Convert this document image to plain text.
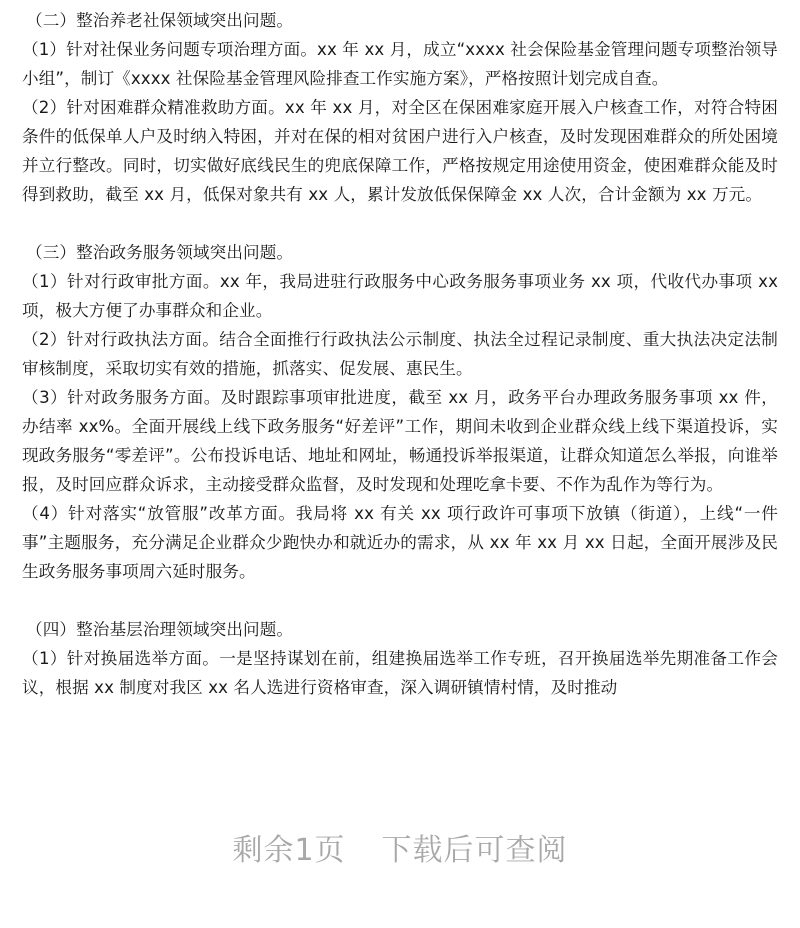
（二）整治养老社保领域突出问题。

（1）针对社保业务问题专项治理方面。xx 年 xx 月，成立“xxxx 社会保险基金管理问题专项整治领导小组”，制订《xxxx 社保险基金管理风险排查工作实施方案》，严格按照计划完成自查。

（2）针对困难群众精准救助方面。xx 年 xx 月，对全区在保困难家庭开展入户核查工作，对符合特困条件的低保单人户及时纳入特困，并对在保的相对贫困户进行入户核查，及时发现困难群众的所处困境并立行整改。同时，切实做好底线民生的兜底保障工作，严格按规定用途使用资金，使困难群众能及时得到救助，截至 xx 月，低保对象共有 xx 人，累计发放低保保障金 xx 人次，合计金额为 xx 万元。

（三）整治政务服务领域突出问题。

（1）针对行政审批方面。xx 年，我局进驻行政服务中心政务服务事项业务 xx 项，代收代办事项 xx 项，极大方便了办事群众和企业。

（2）针对行政执法方面。结合全面推行行政执法公示制度、执法全过程记录制度、重大执法决定法制审核制度，采取切实有效的措施，抓落实、促发展、惠民生。

（3）针对政务服务方面。及时跟踪事项审批进度，截至 xx 月，政务平台办理政务服务事项 xx 件，办结率 xx%。全面开展线上线下政务服务“好差评”工作，期间未收到企业群众线上线下渠道投诉，实现政务服务“零差评”。公布投诉电话、地址和网址，畅通投诉举报渠道，让群众知道怎么举报，向谁举报，及时回应群众诉求，主动接受群众监督，及时发现和处理吃拿卡要、不作为乱作为等行为。

（4）针对落实“放管服”改革方面。我局将 xx 有关 xx 项行政许可事项下放镇（街道），上线“一件事”主题服务，充分满足企业群众少跑快办和就近办的需求，从 xx 年 xx 月 xx 日起，全面开展涉及民生政务服务事项周六延时服务。

（四）整治基层治理领域突出问题。

（1）针对换届选举方面。一是坚持谋划在前，组建换届选举工作专班，召开换届选举先期准备工作会议，根据 xx 制度对我区 xx 名人选进行资格审查，深入调研镇情村情，及时推动

剩余1页 下载后可查阅
